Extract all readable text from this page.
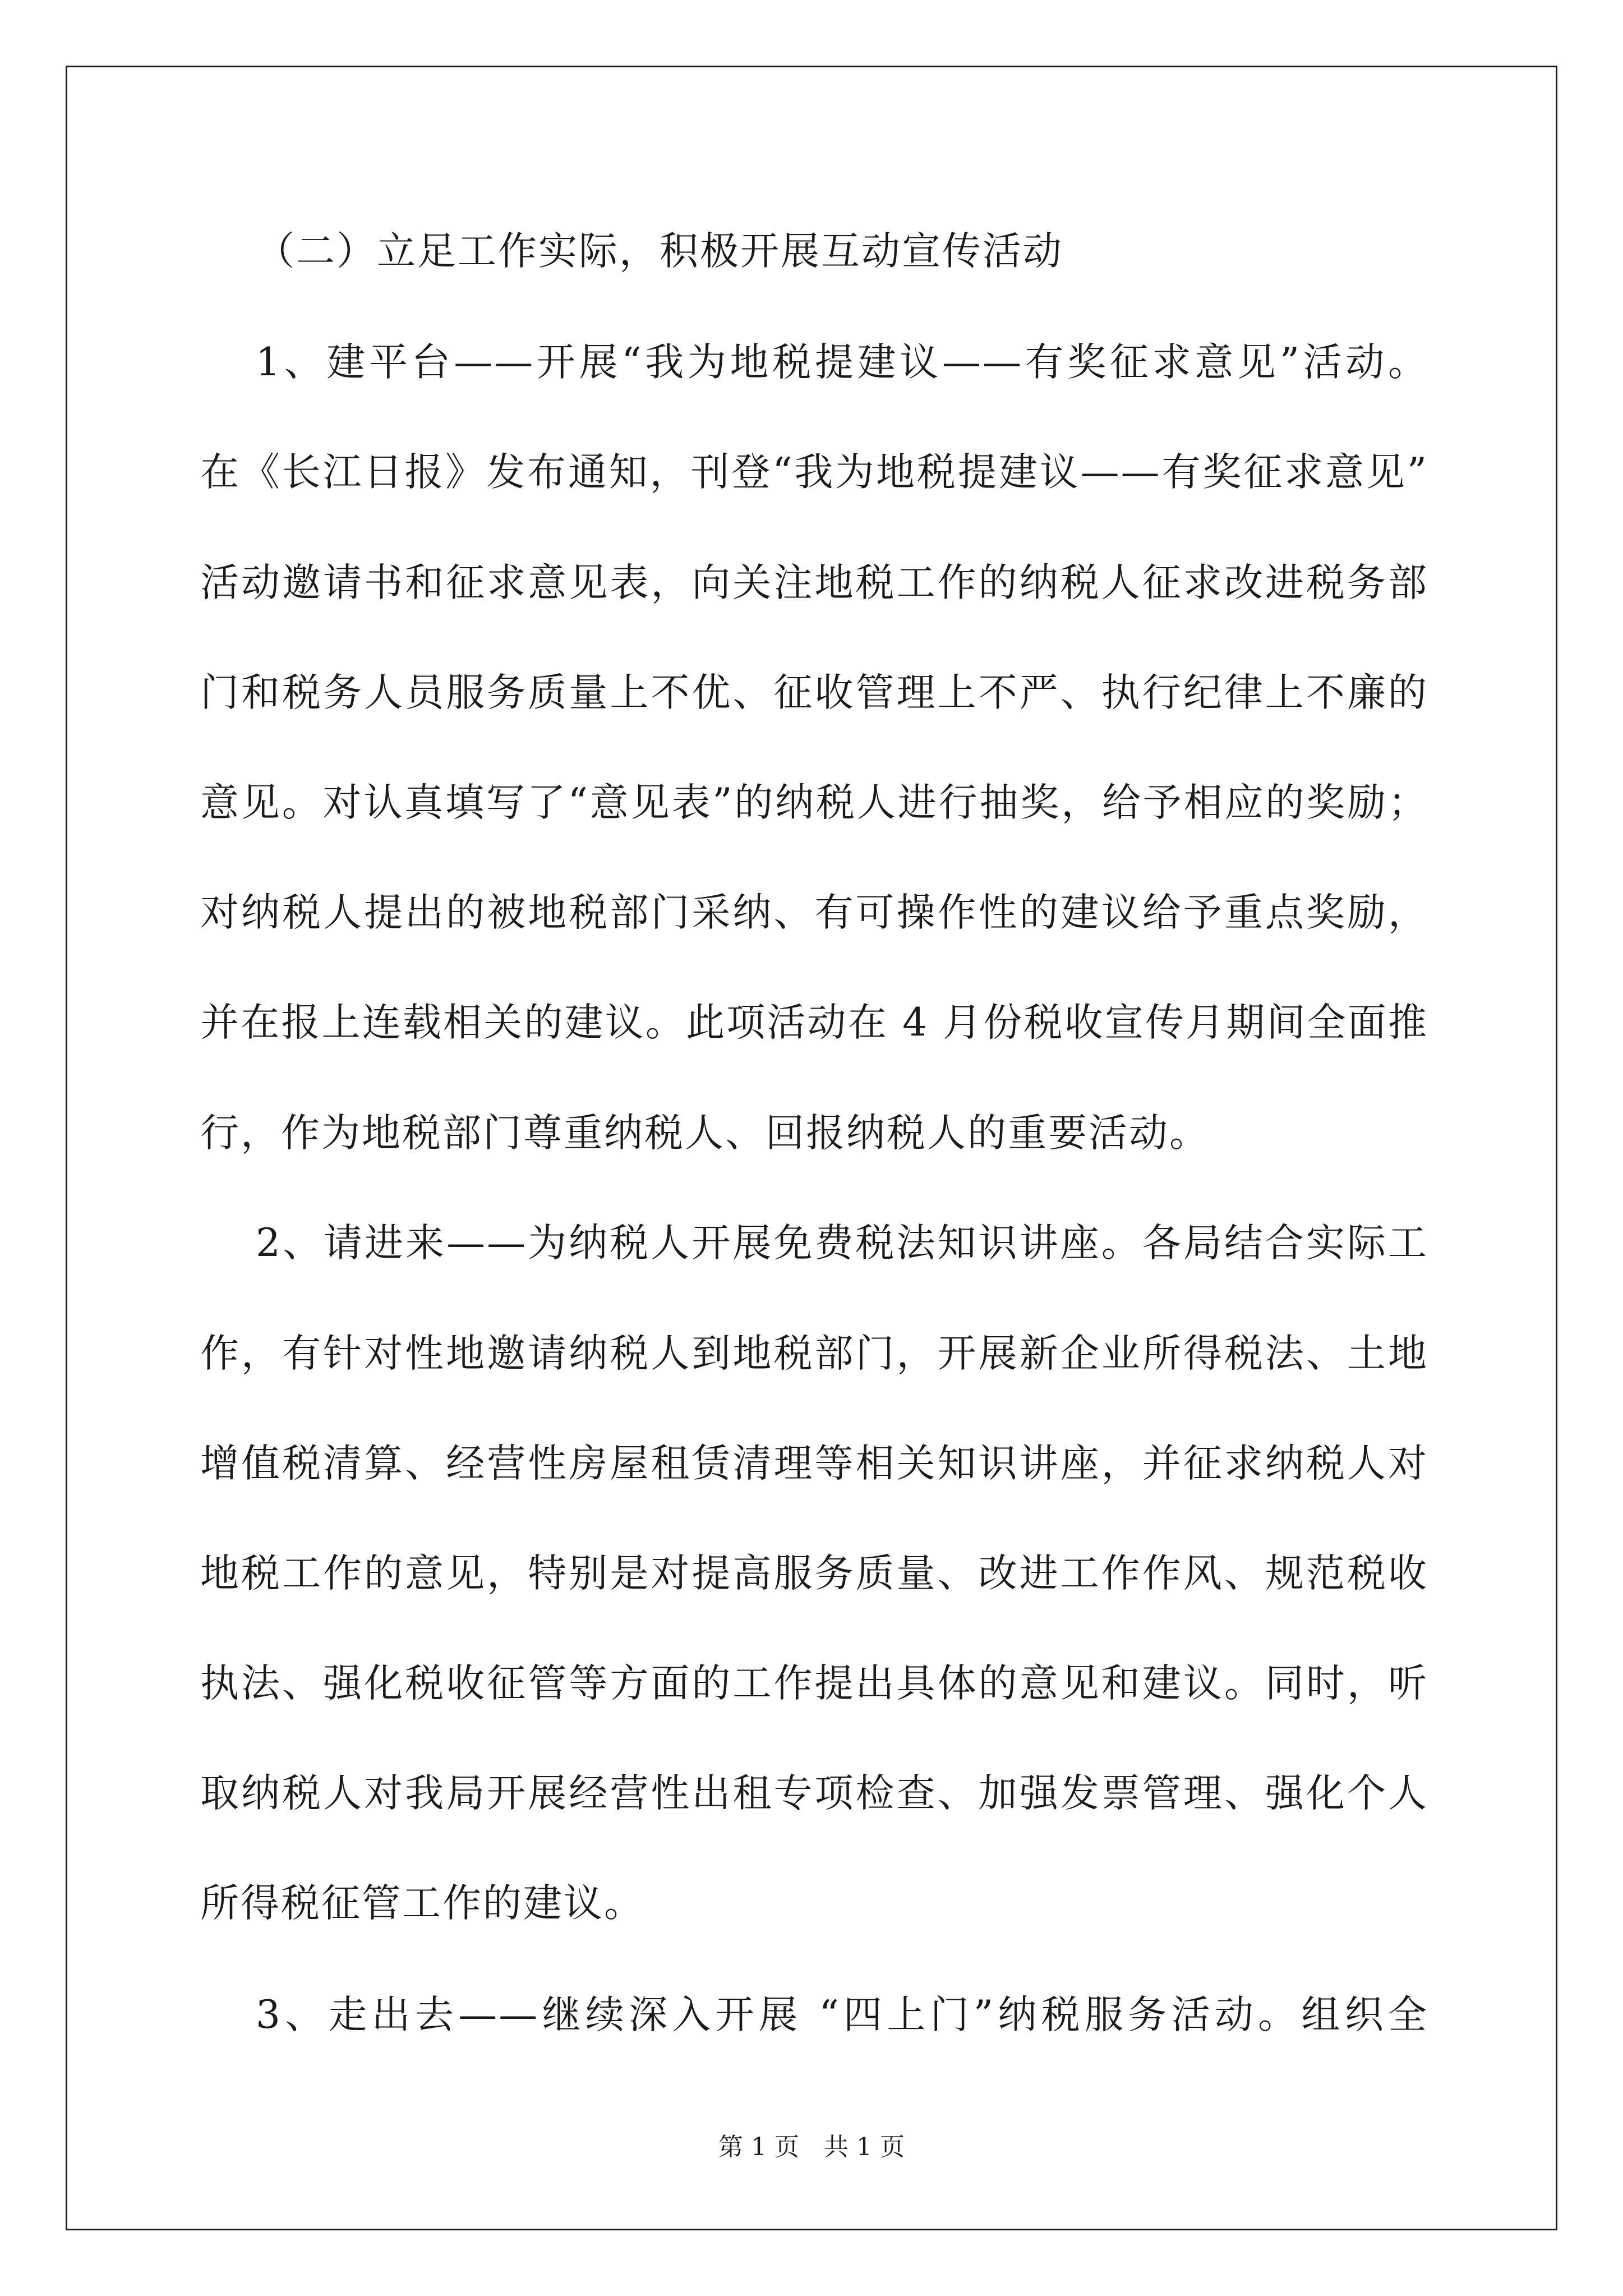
（二）立足工作实际，积极开展互动宣传活动
1、建平台——开展“我为地税提建议——有奖征求意见”活动。
在《长江日报》发布通知，刊登“我为地税提建议——有奖征求意见”
活动邀请书和征求意见表，向关注地税工作的纳税人征求改进税务部
门和税务人员服务质量上不优、征收管理上不严、执行纪律上不廉的
意见。对认真填写了“意见表”的纳税人进行抽奖，给予相应的奖励；
对纳税人提出的被地税部门采纳、有可操作性的建议给予重点奖励，
并在报上连载相关的建议。此项活动在 4 月份税收宣传月期间全面推
行，作为地税部门尊重纳税人、回报纳税人的重要活动。
2、请进来——为纳税人开展免费税法知识讲座。各局结合实际工
作，有针对性地邀请纳税人到地税部门，开展新企业所得税法、土地
增值税清算、经营性房屋租赁清理等相关知识讲座，并征求纳税人对
地税工作的意见，特别是对提高服务质量、改进工作作风、规范税收
执法、强化税收征管等方面的工作提出具体的意见和建议。同时，听
取纳税人对我局开展经营性出租专项检查、加强发票管理、强化个人
所得税征管工作的建议。
3、走出去——继续深入开展 “四上门”纳税服务活动。组织全
第 1 页　共 1 页
